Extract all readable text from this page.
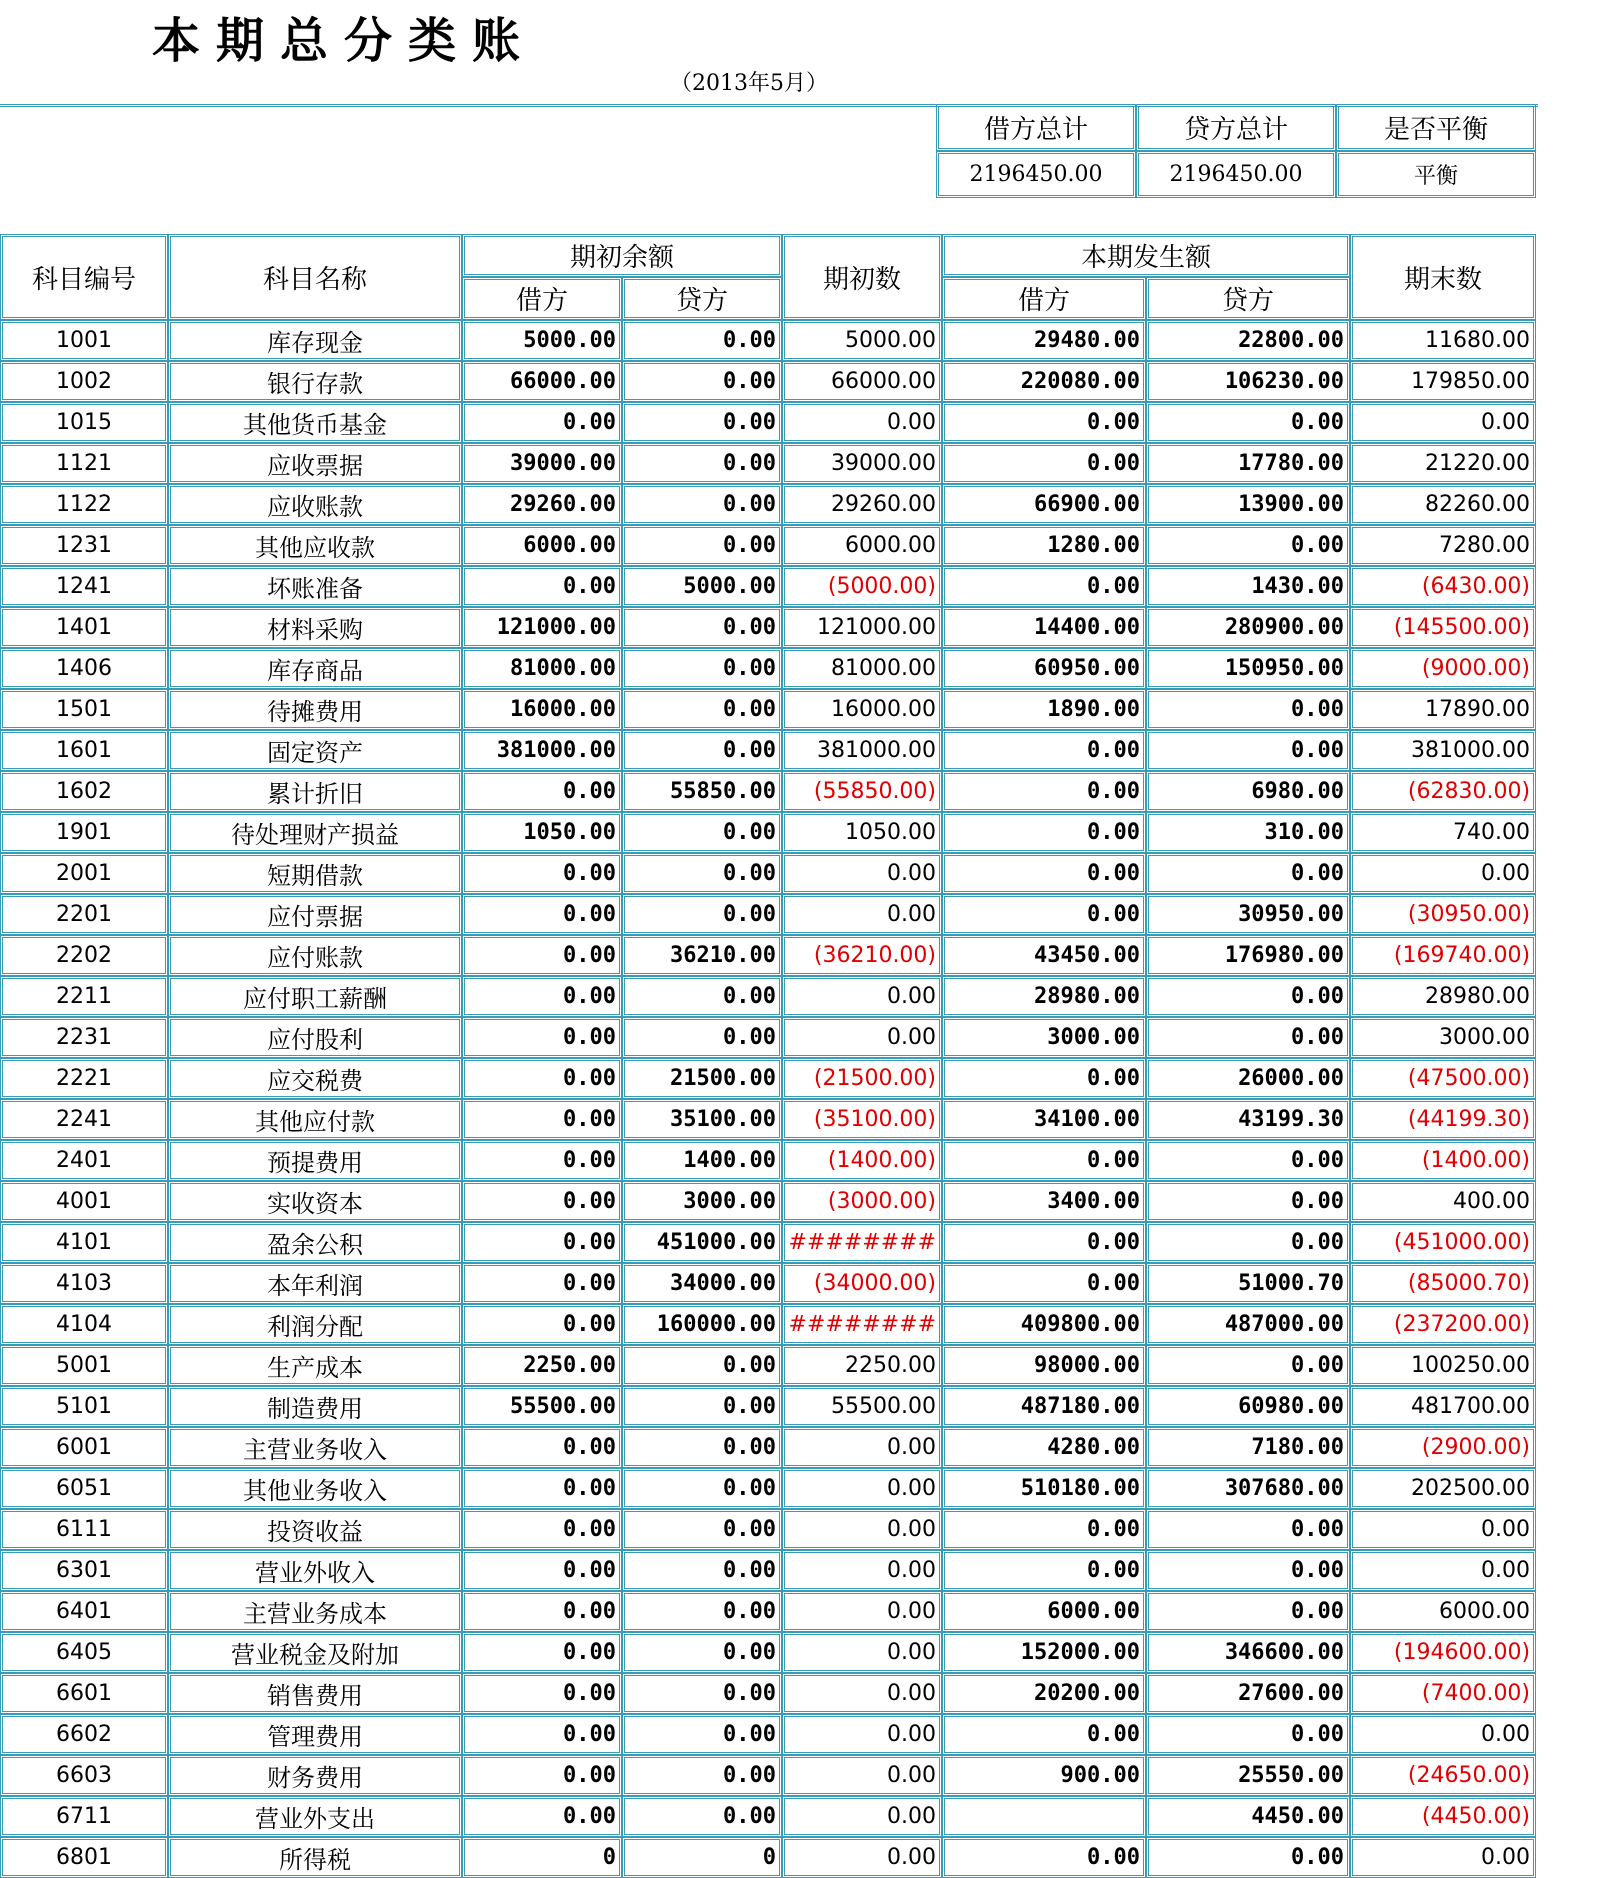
本期总分类账
（2013年5月）
借方总计	贷方总计	是否平衡
2196450.00	2196450.00	平衡
科目编号	科目名称	期初余额		期初数	本期发生额		期末数
		借方	贷方		借方	贷方	
1001	库存现金	5000.00	0.00	5000.00	29480.00	22800.00	11680.00
1002	银行存款	66000.00	0.00	66000.00	220080.00	106230.00	179850.00
1015	其他货币基金	0.00	0.00	0.00	0.00	0.00	0.00
1121	应收票据	39000.00	0.00	39000.00	0.00	17780.00	21220.00
1122	应收账款	29260.00	0.00	29260.00	66900.00	13900.00	82260.00
1231	其他应收款	6000.00	0.00	6000.00	1280.00	0.00	7280.00
1241	坏账准备	0.00	5000.00	(5000.00)	0.00	1430.00	(6430.00)
1401	材料采购	121000.00	0.00	121000.00	14400.00	280900.00	(145500.00)
1406	库存商品	81000.00	0.00	81000.00	60950.00	150950.00	(9000.00)
1501	待摊费用	16000.00	0.00	16000.00	1890.00	0.00	17890.00
1601	固定资产	381000.00	0.00	381000.00	0.00	0.00	381000.00
1602	累计折旧	0.00	55850.00	(55850.00)	0.00	6980.00	(62830.00)
1901	待处理财产损益	1050.00	0.00	1050.00	0.00	310.00	740.00
2001	短期借款	0.00	0.00	0.00	0.00	0.00	0.00
2201	应付票据	0.00	0.00	0.00	0.00	30950.00	(30950.00)
2202	应付账款	0.00	36210.00	(36210.00)	43450.00	176980.00	(169740.00)
2211	应付职工薪酬	0.00	0.00	0.00	28980.00	0.00	28980.00
2231	应付股利	0.00	0.00	0.00	3000.00	0.00	3000.00
2221	应交税费	0.00	21500.00	(21500.00)	0.00	26000.00	(47500.00)
2241	其他应付款	0.00	35100.00	(35100.00)	34100.00	43199.30	(44199.30)
2401	预提费用	0.00	1400.00	(1400.00)	0.00	0.00	(1400.00)
4001	实收资本	0.00	3000.00	(3000.00)	3400.00	0.00	400.00
4101	盈余公积	0.00	451000.00	########	0.00	0.00	(451000.00)
4103	本年利润	0.00	34000.00	(34000.00)	0.00	51000.70	(85000.70)
4104	利润分配	0.00	160000.00	########	409800.00	487000.00	(237200.00)
5001	生产成本	2250.00	0.00	2250.00	98000.00	0.00	100250.00
5101	制造费用	55500.00	0.00	55500.00	487180.00	60980.00	481700.00
6001	主营业务收入	0.00	0.00	0.00	4280.00	7180.00	(2900.00)
6051	其他业务收入	0.00	0.00	0.00	510180.00	307680.00	202500.00
6111	投资收益	0.00	0.00	0.00	0.00	0.00	0.00
6301	营业外收入	0.00	0.00	0.00	0.00	0.00	0.00
6401	主营业务成本	0.00	0.00	0.00	6000.00	0.00	6000.00
6405	营业税金及附加	0.00	0.00	0.00	152000.00	346600.00	(194600.00)
6601	销售费用	0.00	0.00	0.00	20200.00	27600.00	(7400.00)
6602	管理费用	0.00	0.00	0.00	0.00	0.00	0.00
6603	财务费用	0.00	0.00	0.00	900.00	25550.00	(24650.00)
6711	营业外支出	0.00	0.00	0.00		4450.00	(4450.00)
6801	所得税	0	0	0.00	0.00	0.00	0.00
